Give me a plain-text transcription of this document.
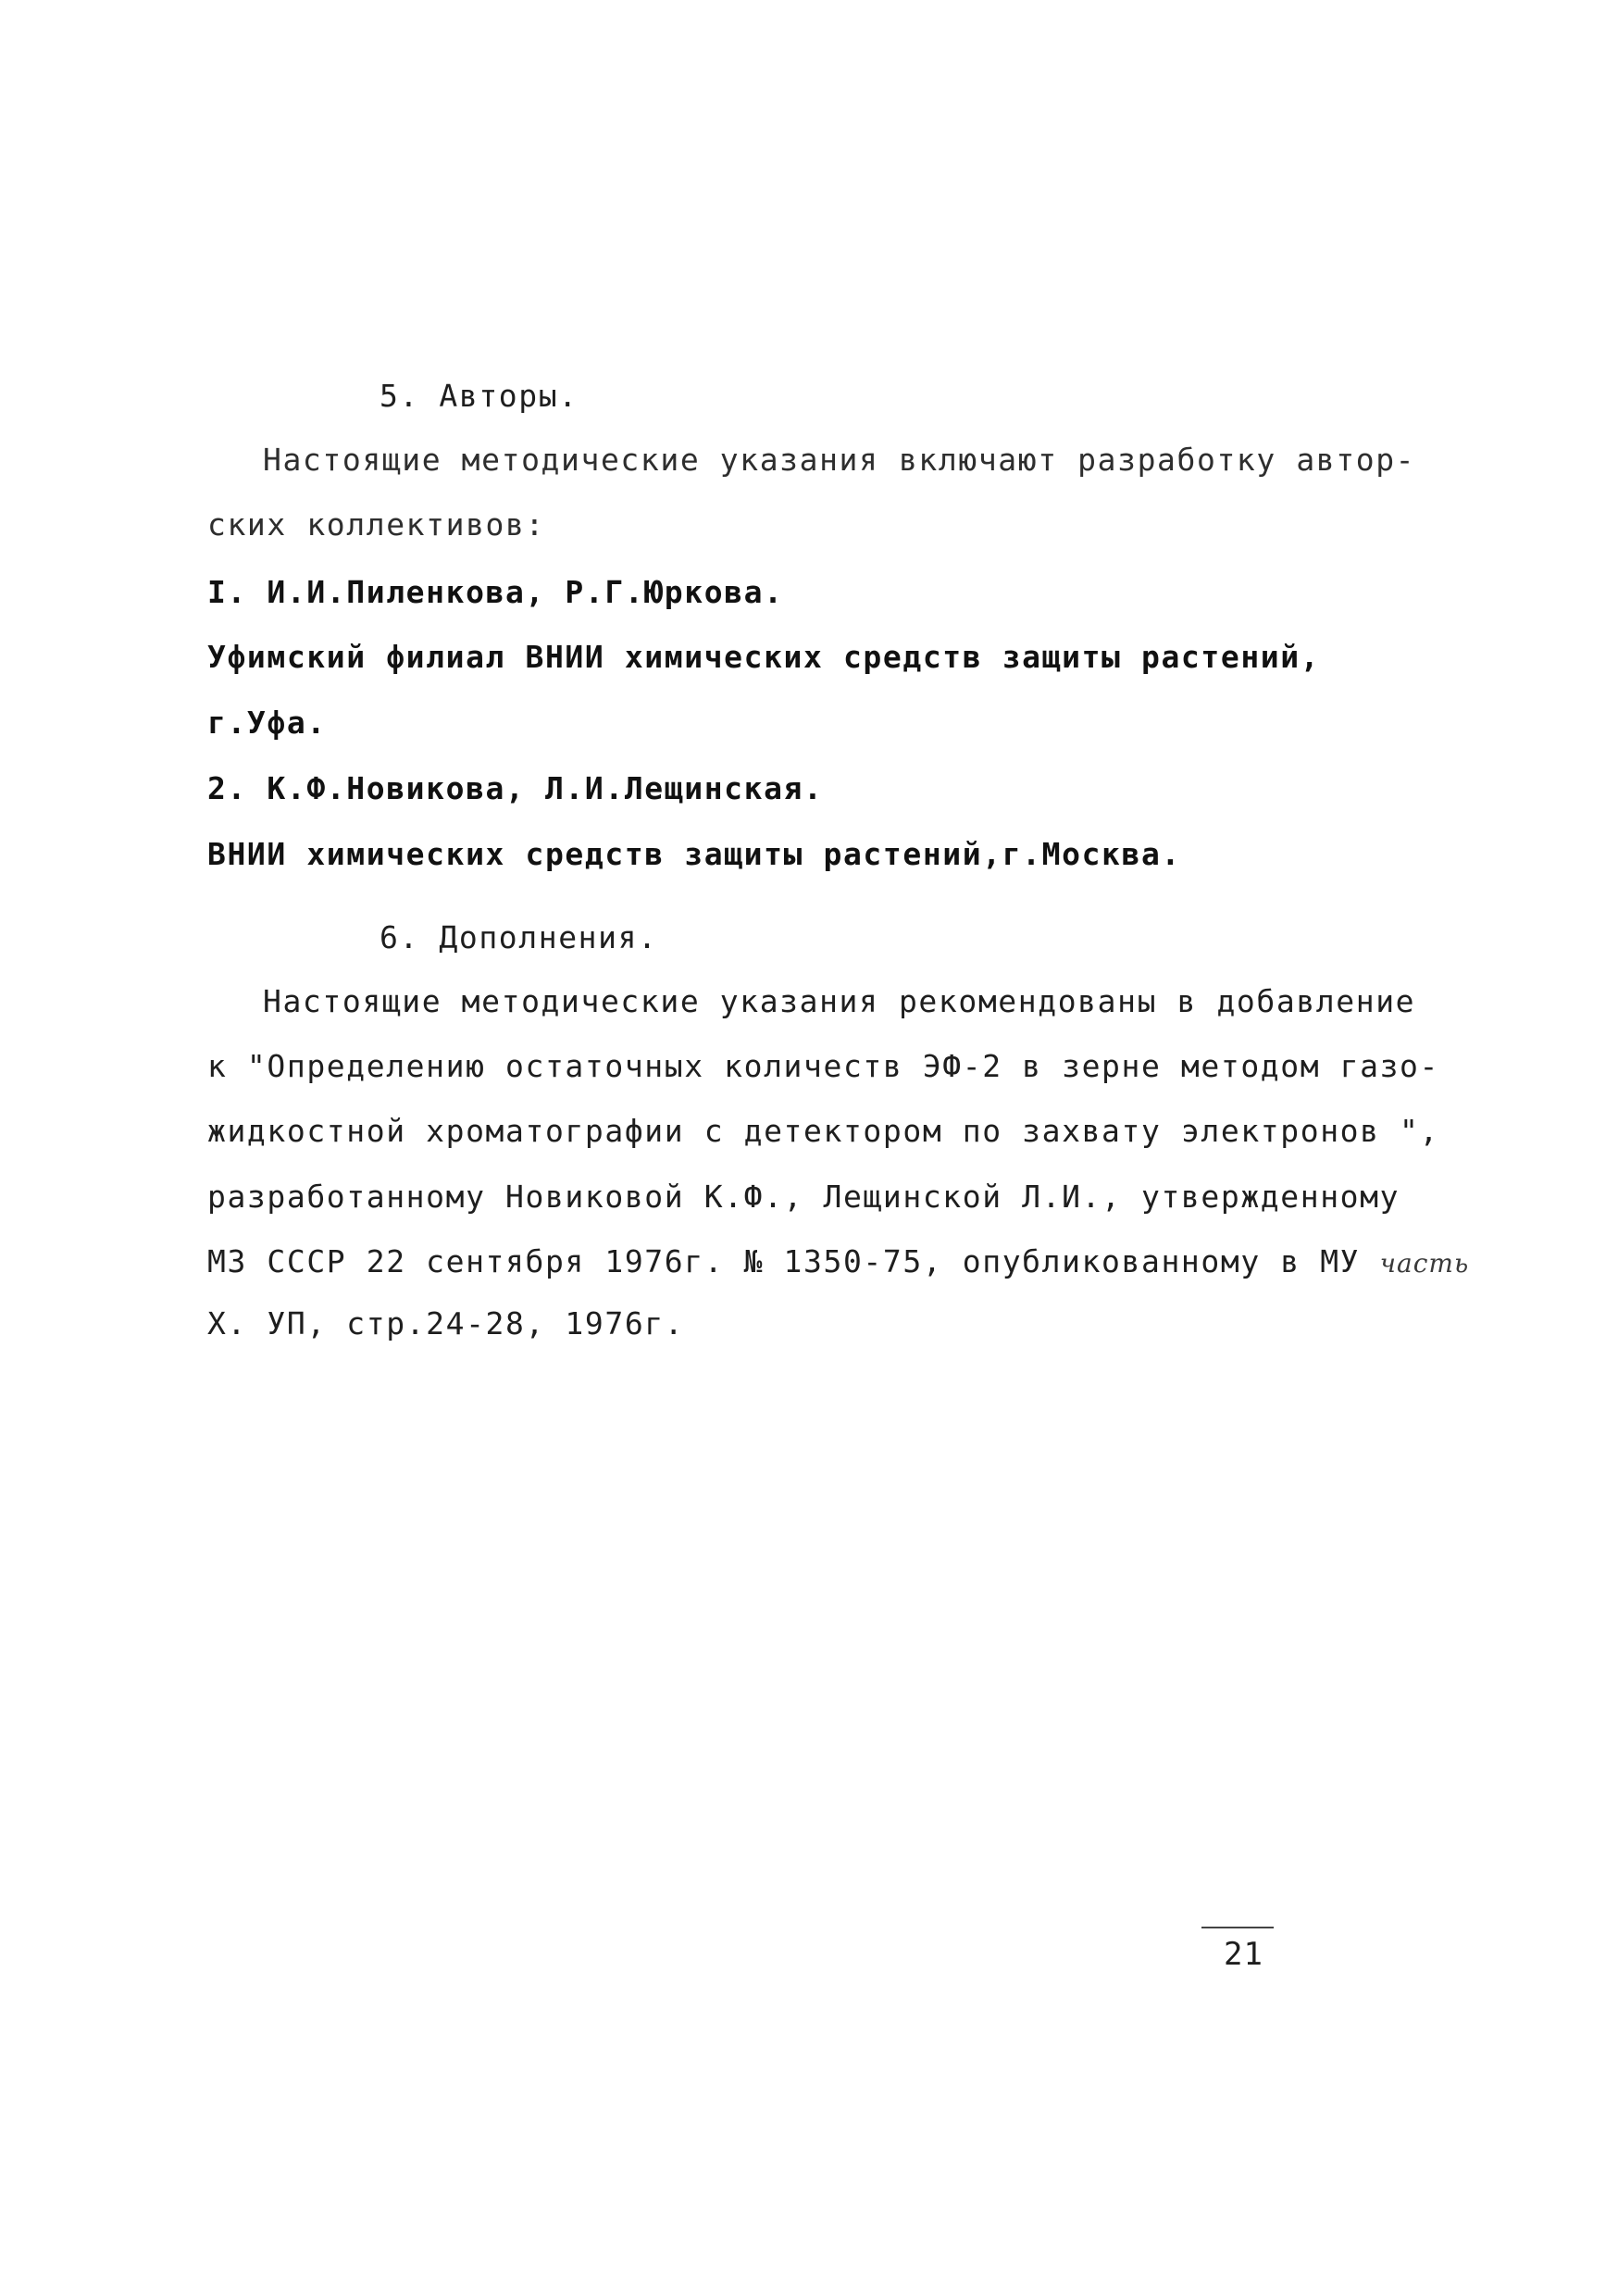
5. Авторы.
Настоящие методические указания включают разработку автор-
ских коллективов:
I. И.И.Пиленкова, Р.Г.Юркова.
Уфимский филиал ВНИИ химических средств защиты растений,
г.Уфа.
2. К.Ф.Новикова, Л.И.Лещинская.
ВНИИ химических средств защиты растений,г.Москва.
6. Дополнения.
Настоящие методические указания рекомендованы в добавление
к "Определению остаточных количеств ЭФ-2 в зерне методом газо-
жидкостной хроматографии с детектором по захвату электронов ",
разработанному Новиковой К.Ф., Лещинской Л.И., утвержденному
МЗ СССР 22 сентября 1976г. № 1350-75, опубликованному в МУ часть
Х. УП, стр.24-28, 1976г.
21
